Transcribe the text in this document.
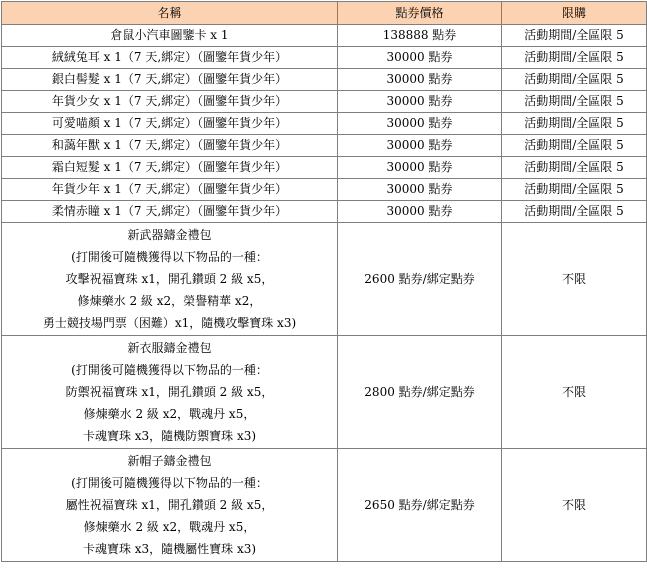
名稱	點券價格	限購
倉鼠小汽車圖鑒卡 x 1	138888 點券	活動期間/全區限 5
絨絨兔耳 x 1（7 天,綁定）（圖鑒年貨少年）	30000 點券	活動期間/全區限 5
銀白髻髮 x 1（7 天,綁定）（圖鑒年貨少年）	30000 點券	活動期間/全區限 5
年貨少女 x 1（7 天,綁定）（圖鑒年貨少年）	30000 點券	活動期間/全區限 5
可愛喵顏 x 1（7 天,綁定）（圖鑒年貨少年）	30000 點券	活動期間/全區限 5
和藹年獸 x 1（7 天,綁定）（圖鑒年貨少年）	30000 點券	活動期間/全區限 5
霜白短髮 x 1（7 天,綁定）（圖鑒年貨少年）	30000 點券	活動期間/全區限 5
年貨少年 x 1（7 天,綁定）（圖鑒年貨少年）	30000 點券	活動期間/全區限 5
柔情赤瞳 x 1（7 天,綁定）（圖鑒年貨少年）	30000 點券	活動期間/全區限 5

新武器鑄金禮包
(打開後可隨機獲得以下物品的一種：
攻擊祝福寶珠 x1，開孔鑽頭 2 級 x5，
修煉藥水 2 級 x2，榮譽精華 x2，
勇士競技場門票（困難）x1，隨機攻擊寶珠 x3)	2600 點券/綁定點券	不限

新衣服鑄金禮包
(打開後可隨機獲得以下物品的一種：
防禦祝福寶珠 x1，開孔鑽頭 2 級 x5，
修煉藥水 2 級 x2，戰魂丹 x5，
卡魂寶珠 x3，隨機防禦寶珠 x3)	2800 點券/綁定點券	不限

新帽子鑄金禮包
(打開後可隨機獲得以下物品的一種：
屬性祝福寶珠 x1，開孔鑽頭 2 級 x5，
修煉藥水 2 級 x2，戰魂丹 x5，
卡魂寶珠 x3，隨機屬性寶珠 x3)	2650 點券/綁定點券	不限
